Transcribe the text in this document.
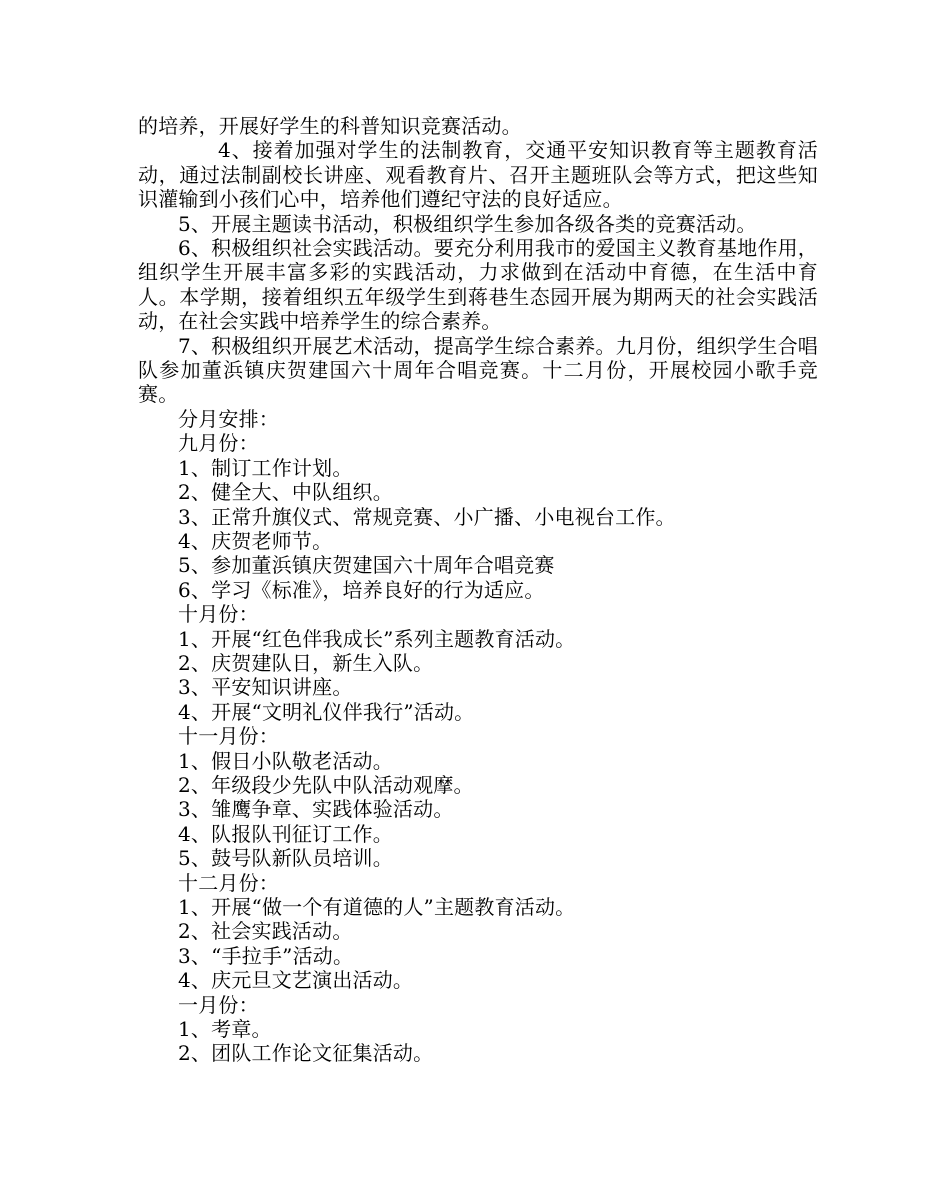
的培养，开展好学生的科普知识竞赛活动。

4、接着加强对学生的法制教育，交通平安知识教育等主题教育活动，通过法制副校长讲座、观看教育片、召开主题班队会等方式，把这些知识灌输到小孩们心中，培养他们遵纪守法的良好适应。

5、开展主题读书活动，积极组织学生参加各级各类的竞赛活动。

6、积极组织社会实践活动。要充分利用我市的爱国主义教育基地作用，组织学生开展丰富多彩的实践活动，力求做到在活动中育德，在生活中育人。本学期，接着组织五年级学生到蒋巷生态园开展为期两天的社会实践活动，在社会实践中培养学生的综合素养。

7、积极组织开展艺术活动，提高学生综合素养。九月份，组织学生合唱队参加董浜镇庆贺建国六十周年合唱竞赛。十二月份，开展校园小歌手竞赛。

分月安排：

九月份：

1、制订工作计划。

2、健全大、中队组织。

3、正常升旗仪式、常规竞赛、小广播、小电视台工作。

4、庆贺老师节。

5、参加董浜镇庆贺建国六十周年合唱竞赛

6、学习《标准》，培养良好的行为适应。

十月份：

1、开展“红色伴我成长”系列主题教育活动。

2、庆贺建队日，新生入队。

3、平安知识讲座。

4、开展“文明礼仪伴我行”活动。

十一月份：

1、假日小队敬老活动。

2、年级段少先队中队活动观摩。

3、雏鹰争章、实践体验活动。

4、队报队刊征订工作。

5、鼓号队新队员培训。

十二月份：

1、开展“做一个有道德的人”主题教育活动。

2、社会实践活动。

3、“手拉手”活动。

4、庆元旦文艺演出活动。

一月份：

1、考章。

2、团队工作论文征集活动。
